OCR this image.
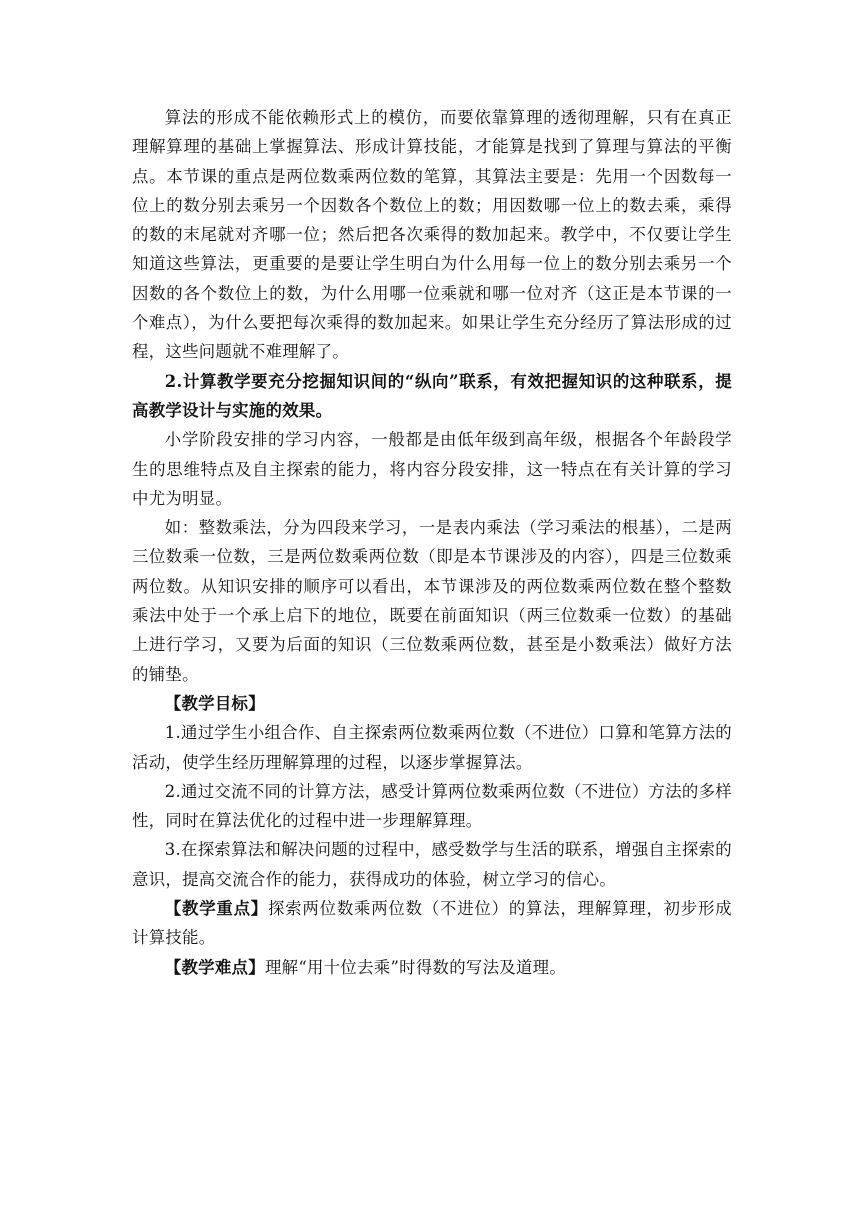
算法的形成不能依赖形式上的模仿，而要依靠算理的透彻理解，只有在真正理解算理的基础上掌握算法、形成计算技能，才能算是找到了算理与算法的平衡点。本节课的重点是两位数乘两位数的笔算，其算法主要是：先用一个因数每一位上的数分别去乘另一个因数各个数位上的数；用因数哪一位上的数去乘，乘得的数的末尾就对齐哪一位；然后把各次乘得的数加起来。教学中，不仅要让学生知道这些算法，更重要的是要让学生明白为什么用每一位上的数分别去乘另一个因数的各个数位上的数，为什么用哪一位乘就和哪一位对齐（这正是本节课的一个难点），为什么要把每次乘得的数加起来。如果让学生充分经历了算法形成的过程，这些问题就不难理解了。

2.计算教学要充分挖掘知识间的“纵向”联系，有效把握知识的这种联系，提高教学设计与实施的效果。

小学阶段安排的学习内容，一般都是由低年级到高年级，根据各个年龄段学生的思维特点及自主探索的能力，将内容分段安排，这一特点在有关计算的学习中尤为明显。

如：整数乘法，分为四段来学习，一是表内乘法（学习乘法的根基），二是两三位数乘一位数，三是两位数乘两位数（即是本节课涉及的内容），四是三位数乘两位数。从知识安排的顺序可以看出，本节课涉及的两位数乘两位数在整个整数乘法中处于一个承上启下的地位，既要在前面知识（两三位数乘一位数）的基础上进行学习，又要为后面的知识（三位数乘两位数，甚至是小数乘法）做好方法的铺垫。

【教学目标】

1.通过学生小组合作、自主探索两位数乘两位数（不进位）口算和笔算方法的活动，使学生经历理解算理的过程，以逐步掌握算法。

2.通过交流不同的计算方法，感受计算两位数乘两位数（不进位）方法的多样性，同时在算法优化的过程中进一步理解算理。

3.在探索算法和解决问题的过程中，感受数学与生活的联系，增强自主探索的意识，提高交流合作的能力，获得成功的体验，树立学习的信心。

【教学重点】探索两位数乘两位数（不进位）的算法，理解算理，初步形成计算技能。

【教学难点】理解“用十位去乘”时得数的写法及道理。
